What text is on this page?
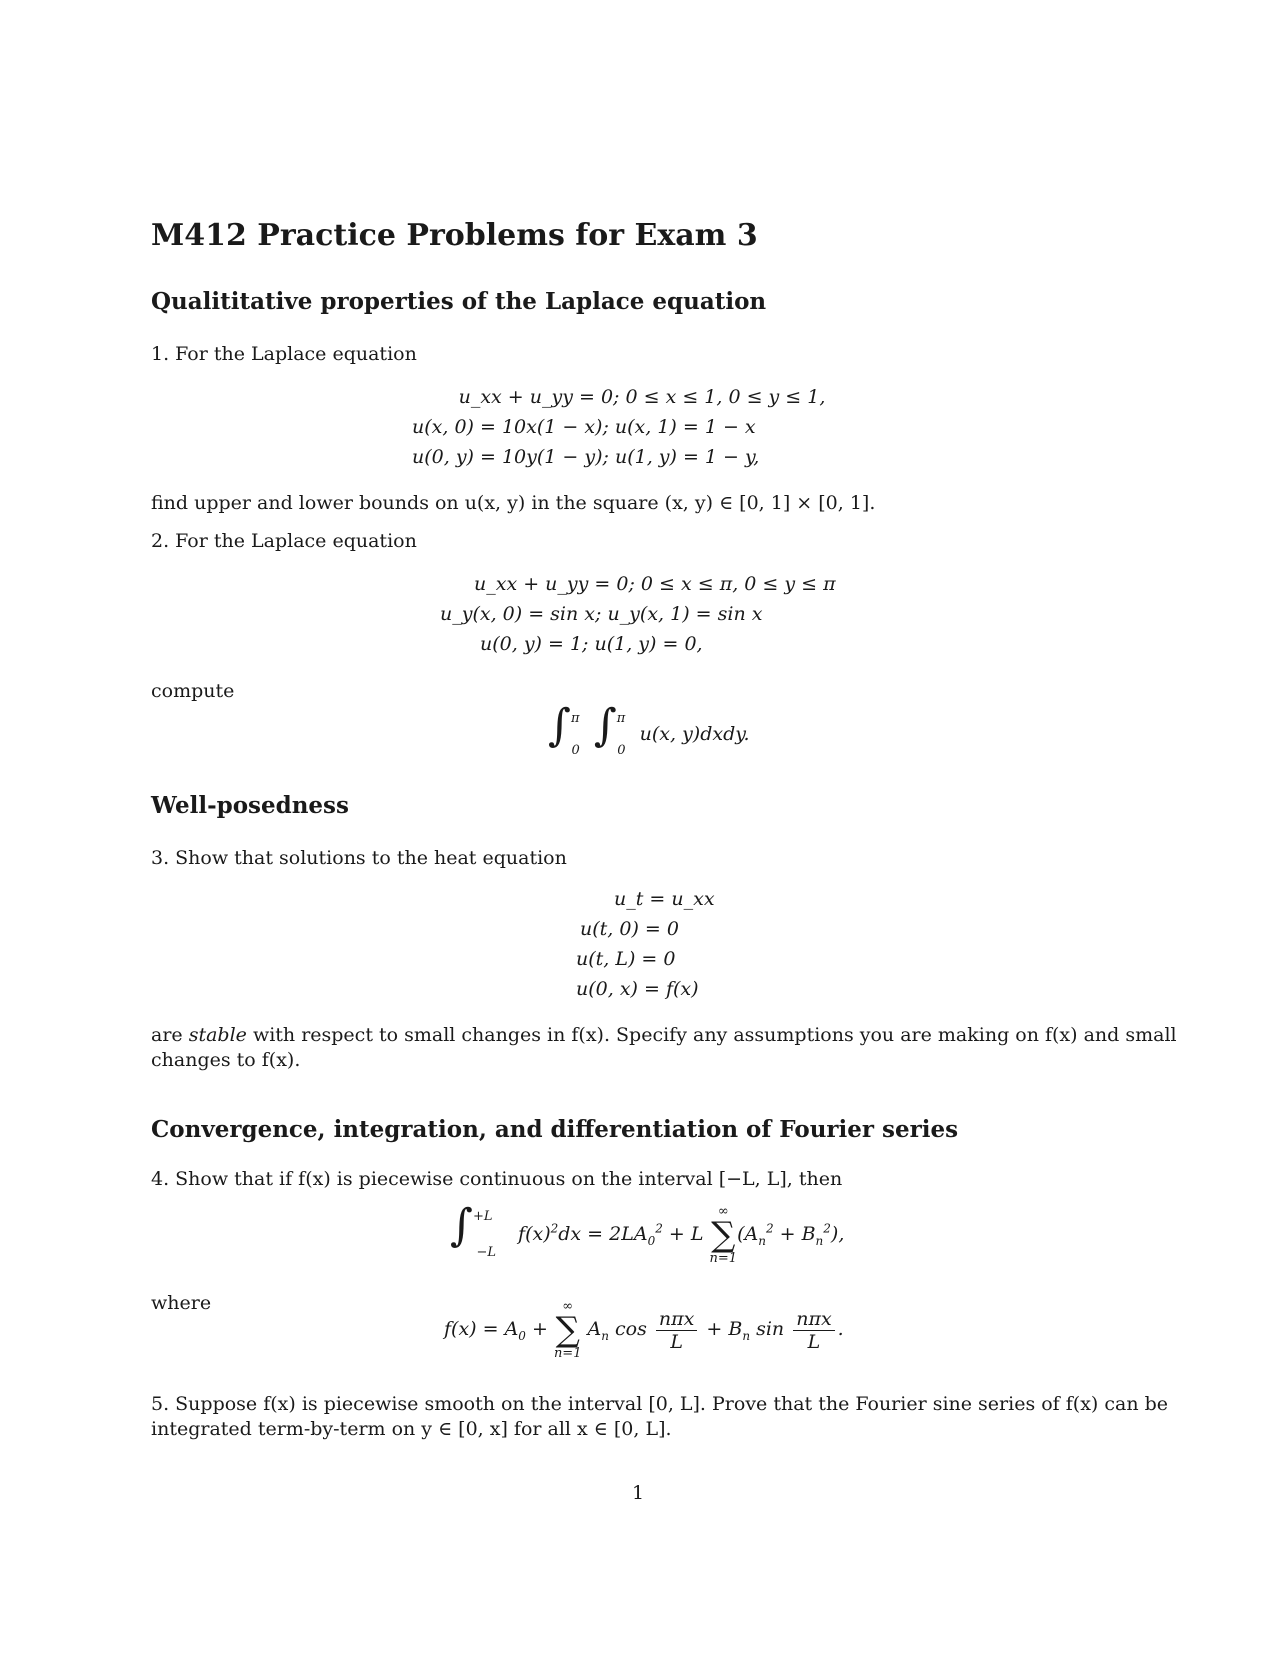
M412 Practice Problems for Exam 3
Qualititative properties of the Laplace equation
1. For the Laplace equation
u_xx + u_yy = 0; 0 ≤ x ≤ 1, 0 ≤ y ≤ 1,
u(x, 0) = 10x(1 − x); u(x, 1) = 1 − x
u(0, y) = 10y(1 − y); u(1, y) = 1 − y,
find upper and lower bounds on u(x, y) in the square (x, y) ∈ [0, 1] × [0, 1].
2. For the Laplace equation
u_xx + u_yy = 0; 0 ≤ x ≤ π, 0 ≤ y ≤ π
u_y(x, 0) = sin x; u_y(x, 1) = sin x
u(0, y) = 1; u(1, y) = 0,
compute
∫$^\pi_0$ ∫$^\pi_0$ u(x, y)dxdy.
Well-posedness
3. Show that solutions to the heat equation
u_t = u_xx
u(t, 0) = 0
u(t, L) = 0
u(0, x) = f(x)
are stable with respect to small changes in f(x). Specify any assumptions you are making on f(x) and small
changes to f(x).
Convergence, integration, and differentiation of Fourier series
4. Show that if f(x) is piecewise continuous on the interval [−L, L], then
∫$^{+L}_{-L}$ $f(x)^2dx = 2LA_0^2 + L$
∞
∑
n=1
$(A_n^2 + B_n^2)$,
where
$f(x) = A_0$ +
∞
∑
n=1
$A_n$ $\cos \frac{\text{nπx}}{L} + B_n$ $\sin \frac{\text{nπx}}{L}$ .
5. Suppose f(x) is piecewise smooth on the interval [0, L]. Prove that the Fourier sine series of f(x) can be
integrated term-by-term on y ∈ [0, x] for all x ∈ [0, L].
1
